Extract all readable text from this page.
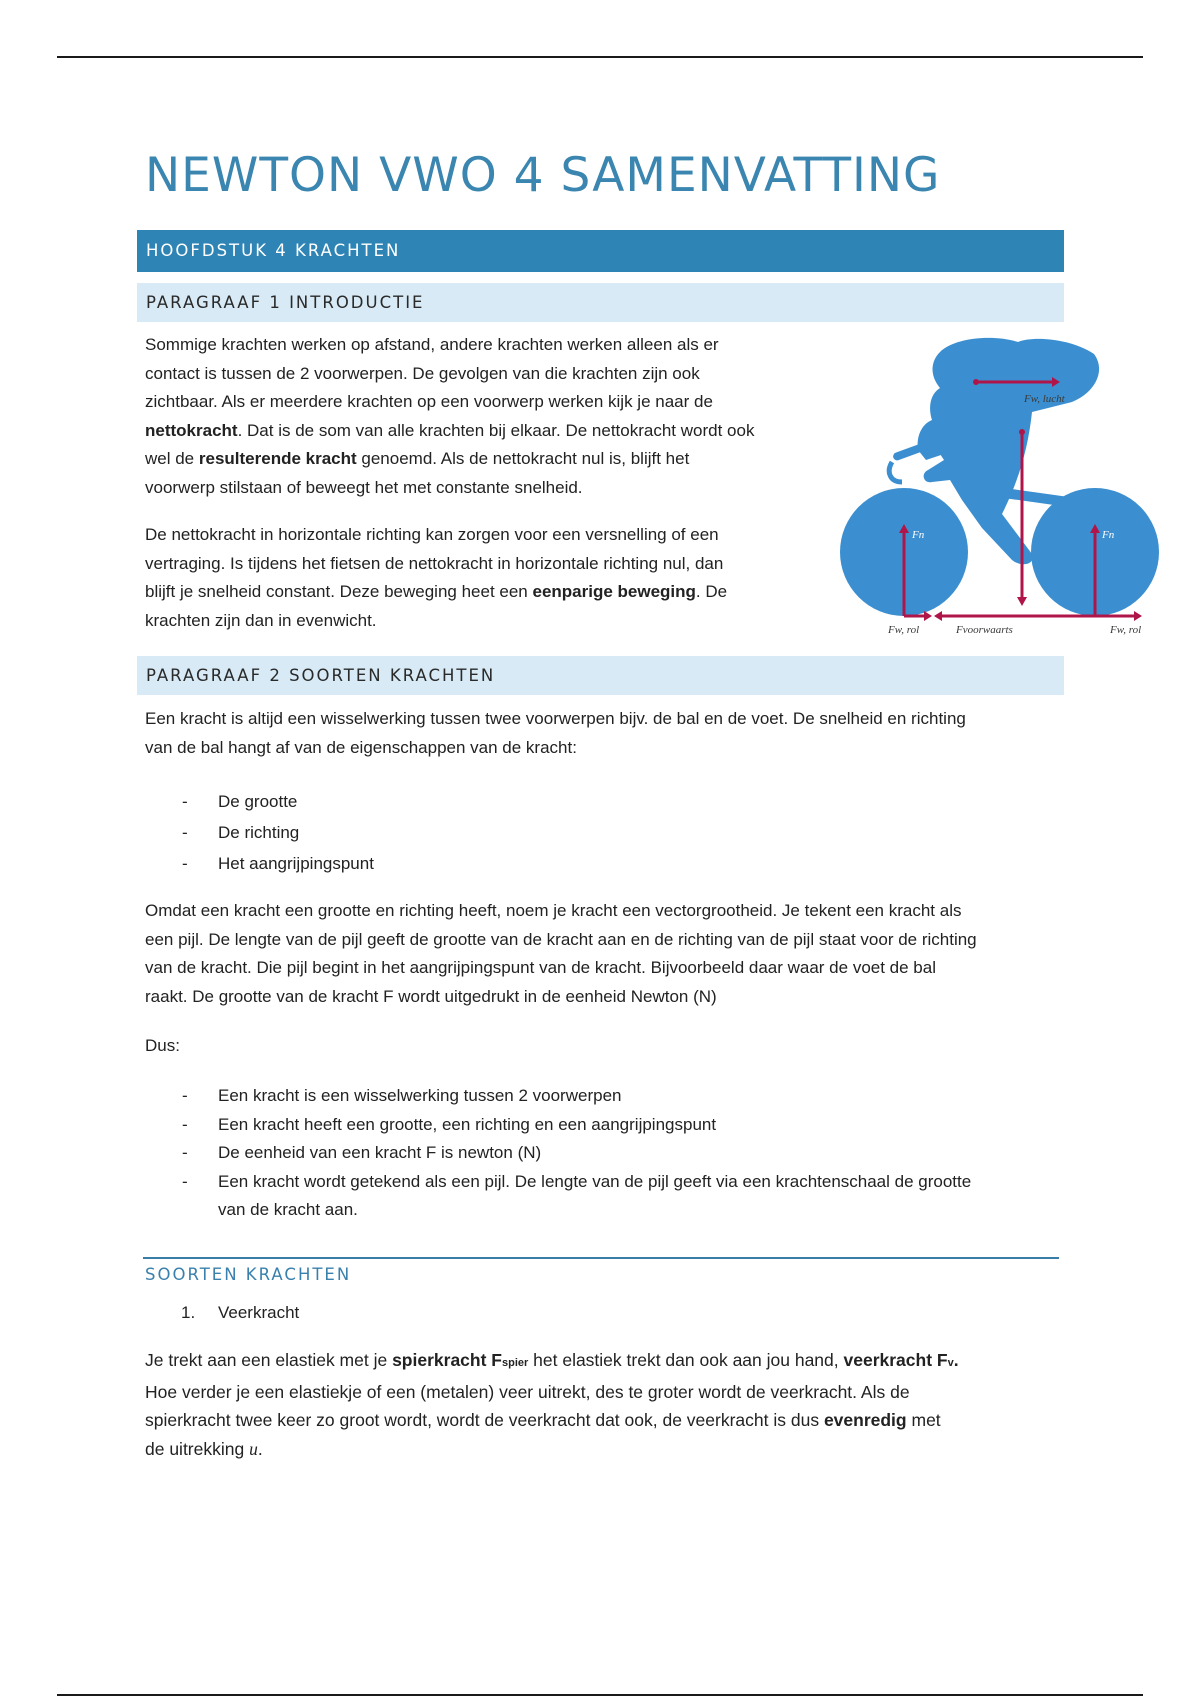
NEWTON VWO 4 SAMENVATTING
HOOFDSTUK 4 KRACHTEN
PARAGRAAF 1 INTRODUCTIE

Sommige krachten werken op afstand, andere krachten werken alleen als er
contact is tussen de 2 voorwerpen. De gevolgen van die krachten zijn ook
zichtbaar. Als er meerdere krachten op een voorwerp werken kijk je naar de
nettokracht. Dat is de som van alle krachten bij elkaar. De nettokracht wordt ook
wel de resulterende kracht genoemd. Als de nettokracht nul is, blijft het
voorwerp stilstaan of beweegt het met constante snelheid.

De nettokracht in horizontale richting kan zorgen voor een versnelling of een
vertraging. Is tijdens het fietsen de nettokracht in horizontale richting nul, dan
blijft je snelheid constant. Deze beweging heet een eenparige beweging. De
krachten zijn dan in evenwicht.

Fw, lucht
Fn	Fn
Fz
Fw, rol	Fvoorwaarts	Fw, rol
PARAGRAAF 2 SOORTEN KRACHTEN

Een kracht is altijd een wisselwerking tussen twee voorwerpen bijv. de bal en de voet. De snelheid en richting
van de bal hangt af van de eigenschappen van de kracht:

- De grootte
- De richting
- Het aangrijpingspunt

Omdat een kracht een grootte en richting heeft, noem je kracht een vectorgrootheid. Je tekent een kracht als
een pijl. De lengte van de pijl geeft de grootte van de kracht aan en de richting van de pijl staat voor de richting
van de kracht. Die pijl begint in het aangrijpingspunt van de kracht. Bijvoorbeeld daar waar de voet de bal
raakt. De grootte van de kracht F wordt uitgedrukt in de eenheid Newton (N)

Dus:

- Een kracht is een wisselwerking tussen 2 voorwerpen
- Een kracht heeft een grootte, een richting en een aangrijpingspunt
- De eenheid van een kracht F is newton (N)
- Een kracht wordt getekend als een pijl. De lengte van de pijl geeft via een krachtenschaal de grootte
van de kracht aan.
SOORTEN KRACHTEN
1. Veerkracht

Je trekt aan een elastiek met je spierkracht Fspier het elastiek trekt dan ook aan jou hand, veerkracht Fv.
Hoe verder je een elastiekje of een (metalen) veer uitrekt, des te groter wordt de veerkracht. Als de
spierkracht twee keer zo groot wordt, wordt de veerkracht dat ook, de veerkracht is dus evenredig met
de uitrekking u.
